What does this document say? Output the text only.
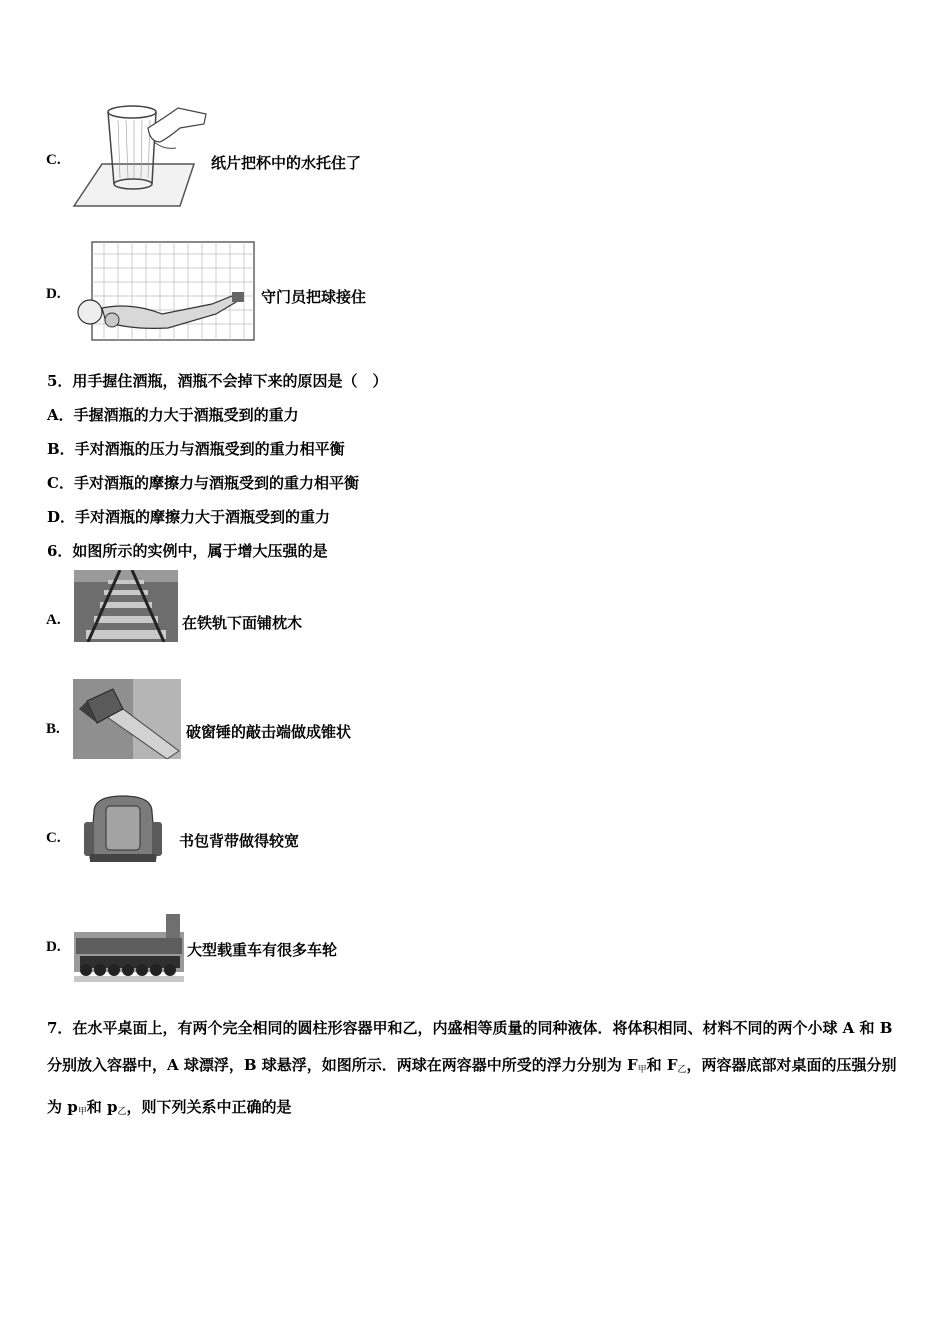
C.	纸片把杯中的水托住了
D.	守门员把球接住
5．用手握住酒瓶，酒瓶不会掉下来的原因是（　）
A．手握酒瓶的力大于酒瓶受到的重力
B．手对酒瓶的压力与酒瓶受到的重力相平衡
C．手对酒瓶的摩擦力与酒瓶受到的重力相平衡
D．手对酒瓶的摩擦力大于酒瓶受到的重力
6．如图所示的实例中，属于增大压强的是
A.	在铁轨下面铺枕木
B.	破窗锤的敲击端做成锥状
C.	书包背带做得较宽
D.	大型载重车有很多车轮
7．在水平桌面上，有两个完全相同的圆柱形容器甲和乙，内盛相等质量的同种液体．将体积相同、材料不同的两个小球 A 和 B 分别放入容器中，A 球漂浮，B 球悬浮，如图所示．两球在两容器中所受的浮力分别为 $F_甲$和 $F_乙$，两容器底部对桌面的压强分别为 $p_甲$和 $p_乙$，则下列关系中正确的是
